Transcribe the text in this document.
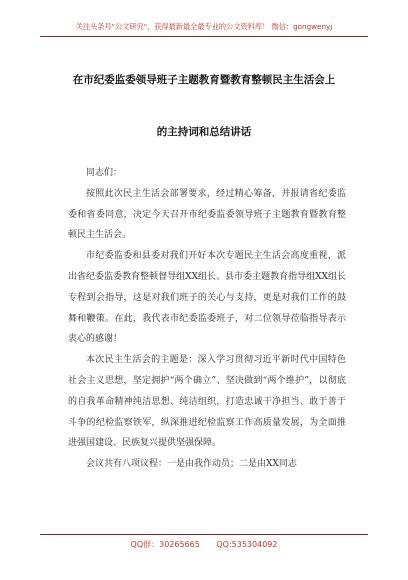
关注头条号"公文研究"，获得最新最全最专业的公文资料库！ 微信：gongwenyj
在市纪委监委领导班子主题教育暨教育整顿民主生活会上
的主持词和总结讲话

同志们：

按照此次民主生活会部署要求，经过精心筹备，并报请省纪委监委和省委同意，决定今天召开市纪委监委领导班子主题教育暨教育整顿民主生活会。

市纪委监委和县委对我们开好本次专题民主生活会高度重视，派出省纪委监委教育整顿督导组XX组长、县市委主题教育指导组XX组长专程到会指导，这是对我们班子的关心与支持，更是对我们工作的鼓舞和鞭策。在此，我代表市纪委监委班子，对二位领导莅临指导表示衷心的感谢！

本次民主生活会的主题是：深入学习贯彻习近平新时代中国特色社会主义思想，坚定拥护“两个确立”、坚决做到“两个维护”，以彻底的自我革命精神纯洁思想、纯洁组织，打造忠诚干净担当、敢于善于斗争的纪检监察铁军，纵深推进纪检监察工作高质量发展，为全面推进强国建设、民族复兴提供坚强保障。

会议共有八项议程：一是由我作动员；二是由XX同志

QQ群：30265665 QQ:535304092
